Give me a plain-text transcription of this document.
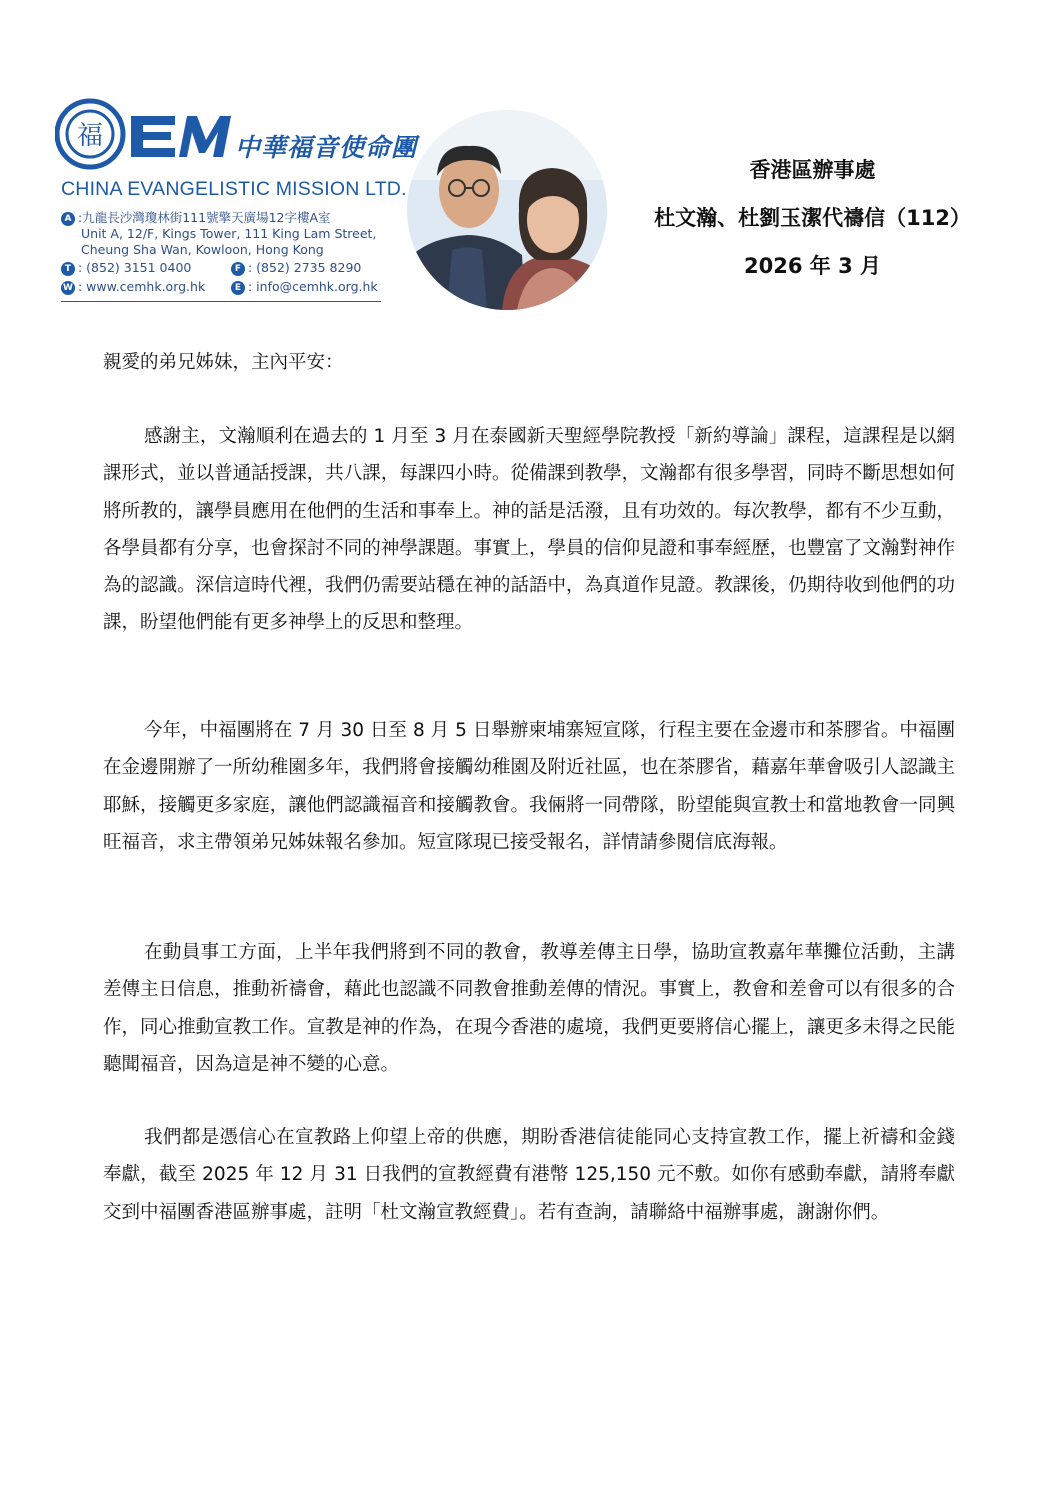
福	中華福音使命團
CHINA EVANGELISTIC MISSION LTD.
A :九龍長沙灣瓊林街111號擎天廣場12字樓A室
Unit A, 12/F, Kings Tower, 111 King Lam Street,
Cheung Sha Wan, Kowloon, Hong Kong
T : (852) 3151 0400	F : (852) 2735 8290
W : www.cemhk.org.hk	E : info@cemhk.org.hk
香港區辦事處
杜文瀚、杜劉玉潔代禱信（112）
2026 年 3 月
親愛的弟兄姊妹，主內平安：

感謝主，文瀚順利在過去的 1 月至 3 月在泰國新天聖經學院教授「新約導論」課程，這課程是以網課形式，並以普通話授課，共八課，每課四小時。從備課到教學，文瀚都有很多學習，同時不斷思想如何將所教的，讓學員應用在他們的生活和事奉上。神的話是活潑，且有功效的。每次教學，都有不少互動，各學員都有分享，也會探討不同的神學課題。事實上，學員的信仰見證和事奉經歷，也豐富了文瀚對神作為的認識。深信這時代裡，我們仍需要站穩在神的話語中，為真道作見證。教課後，仍期待收到他們的功課，盼望他們能有更多神學上的反思和整理。

今年，中福團將在 7 月 30 日至 8 月 5 日舉辦柬埔寨短宣隊，行程主要在金邊市和茶膠省。中福團在金邊開辦了一所幼稚園多年，我們將會接觸幼稚園及附近社區，也在茶膠省，藉嘉年華會吸引人認識主耶穌，接觸更多家庭，讓他們認識福音和接觸教會。我倆將一同帶隊，盼望能與宣教士和當地教會一同興旺福音，求主帶領弟兄姊妹報名參加。短宣隊現已接受報名，詳情請參閱信底海報。

在動員事工方面，上半年我們將到不同的教會，教導差傳主日學，協助宣教嘉年華攤位活動，主講差傳主日信息，推動祈禱會，藉此也認識不同教會推動差傳的情況。事實上，教會和差會可以有很多的合作，同心推動宣教工作。宣教是神的作為，在現今香港的處境，我們更要將信心擺上，讓更多未得之民能聽聞福音，因為這是神不變的心意。

我們都是憑信心在宣教路上仰望上帝的供應，期盼香港信徒能同心支持宣教工作，擺上祈禱和金錢奉獻，截至 2025 年 12 月 31 日我們的宣教經費有港幣 125,150 元不敷。如你有感動奉獻，請將奉獻交到中福團香港區辦事處，註明「杜文瀚宣教經費」。若有查詢，請聯絡中福辦事處，謝謝你們。
